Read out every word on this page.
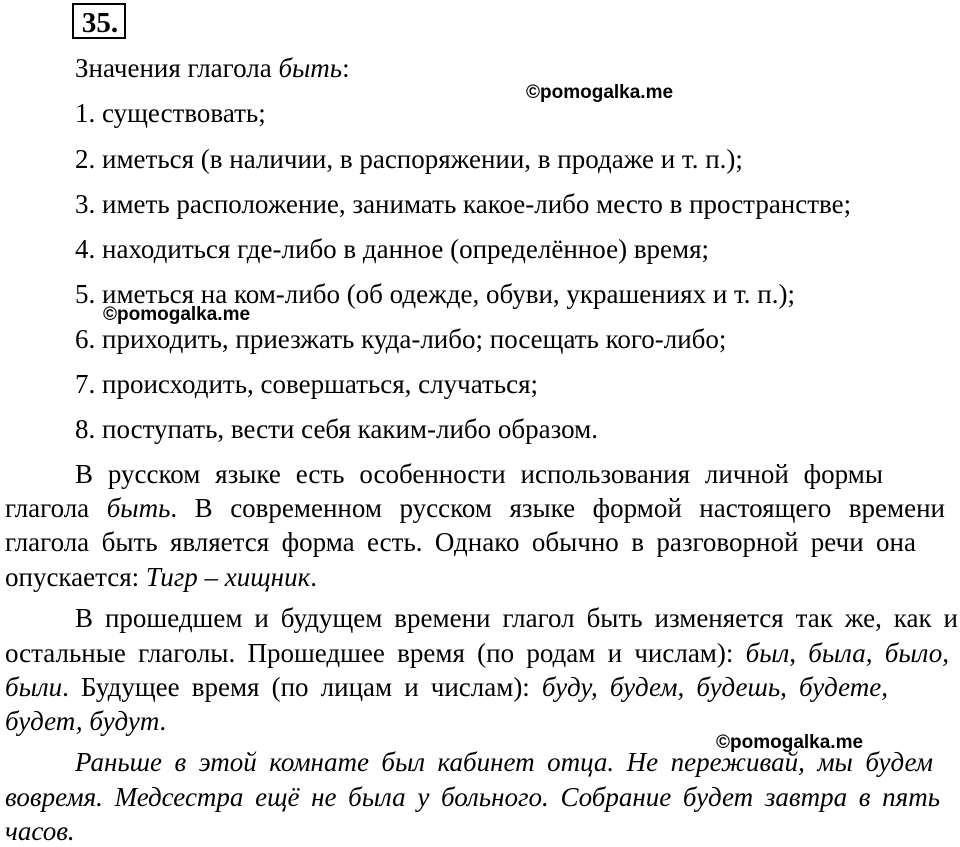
35.
Значения глагола быть:
©pomogalka.me
1. существовать;
2. иметься (в наличии, в распоряжении, в продаже и т. п.);
3. иметь расположение, занимать какое-либо место в пространстве;
4. находиться где-либо в данное (определённое) время;
5. иметься на ком-либо (об одежде, обуви, украшениях и т. п.);
©pomogalka.me
6. приходить, приезжать куда-либо; посещать кого-либо;
7. происходить, совершаться, случаться;
8. поступать, вести себя каким-либо образом.
В русском языке есть особенности использования личной формы
глагола быть. В современном русском языке формой настоящего времени
глагола быть является форма есть. Однако обычно в разговорной речи она
опускается: Тигр – хищник.
В прошедшем и будущем времени глагол быть изменяется так же, как и
остальные глаголы. Прошедшее время (по родам и числам): был, была, было,
были. Будущее время (по лицам и числам): буду, будем, будешь, будете,
будет, будут.
©pomogalka.me
Раньше в этой комнате был кабинет отца. Не переживай, мы будем
вовремя. Медсестра ещё не была у больного. Собрание будет завтра в пять
часов.
